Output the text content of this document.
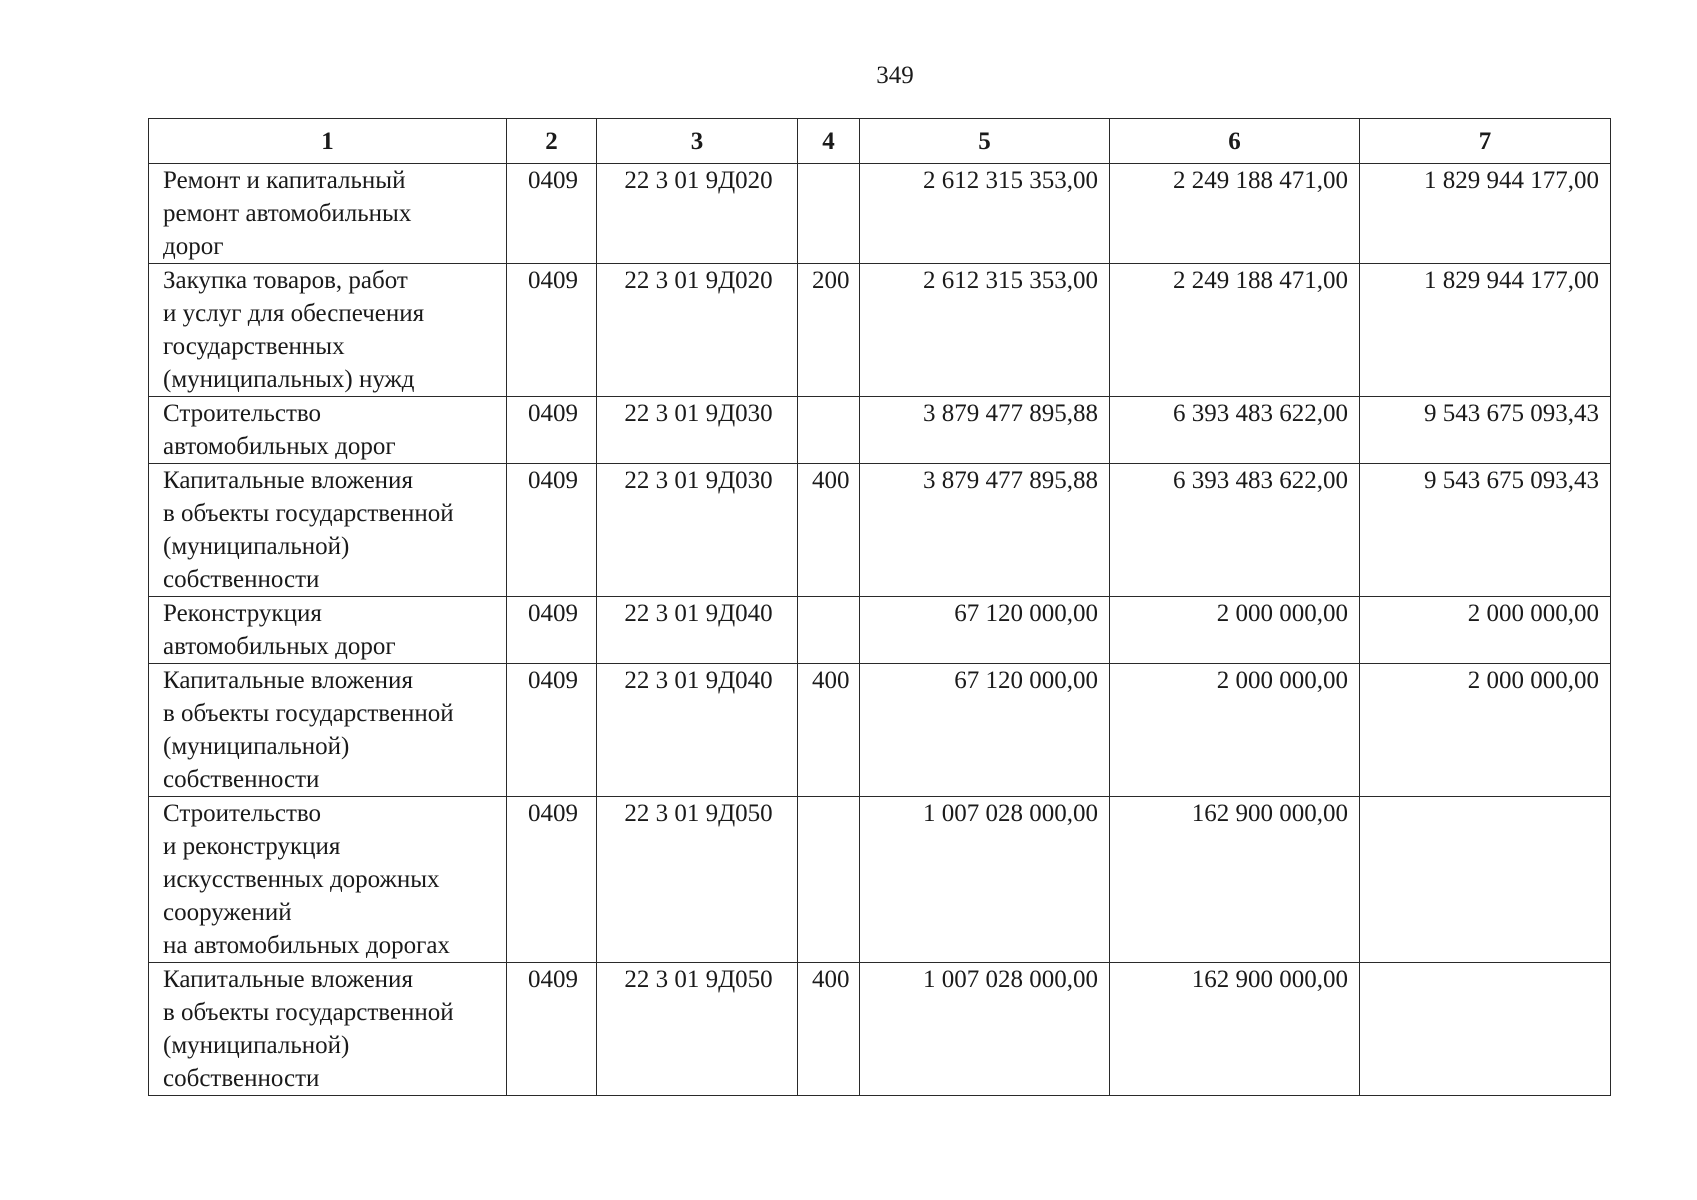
349
1	2	3	4	5	6	7
Ремонт и капитальный
ремонт автомобильных
дорог	0409	22 3 01 9Д020		2 612 315 353,00	2 249 188 471,00	1 829 944 177,00
Закупка товаров, работ
и услуг для обеспечения
государственных
(муниципальных) нужд	0409	22 3 01 9Д020	200	2 612 315 353,00	2 249 188 471,00	1 829 944 177,00
Строительство
автомобильных дорог	0409	22 3 01 9Д030		3 879 477 895,88	6 393 483 622,00	9 543 675 093,43
Капитальные вложения
в объекты государственной
(муниципальной)
собственности	0409	22 3 01 9Д030	400	3 879 477 895,88	6 393 483 622,00	9 543 675 093,43
Реконструкция
автомобильных дорог	0409	22 3 01 9Д040		67 120 000,00	2 000 000,00	2 000 000,00
Капитальные вложения
в объекты государственной
(муниципальной)
собственности	0409	22 3 01 9Д040	400	67 120 000,00	2 000 000,00	2 000 000,00
Строительство
и реконструкция
искусственных дорожных
сооружений
на автомобильных дорогах	0409	22 3 01 9Д050		1 007 028 000,00	162 900 000,00	
Капитальные вложения
в объекты государственной
(муниципальной)
собственности	0409	22 3 01 9Д050	400	1 007 028 000,00	162 900 000,00	
